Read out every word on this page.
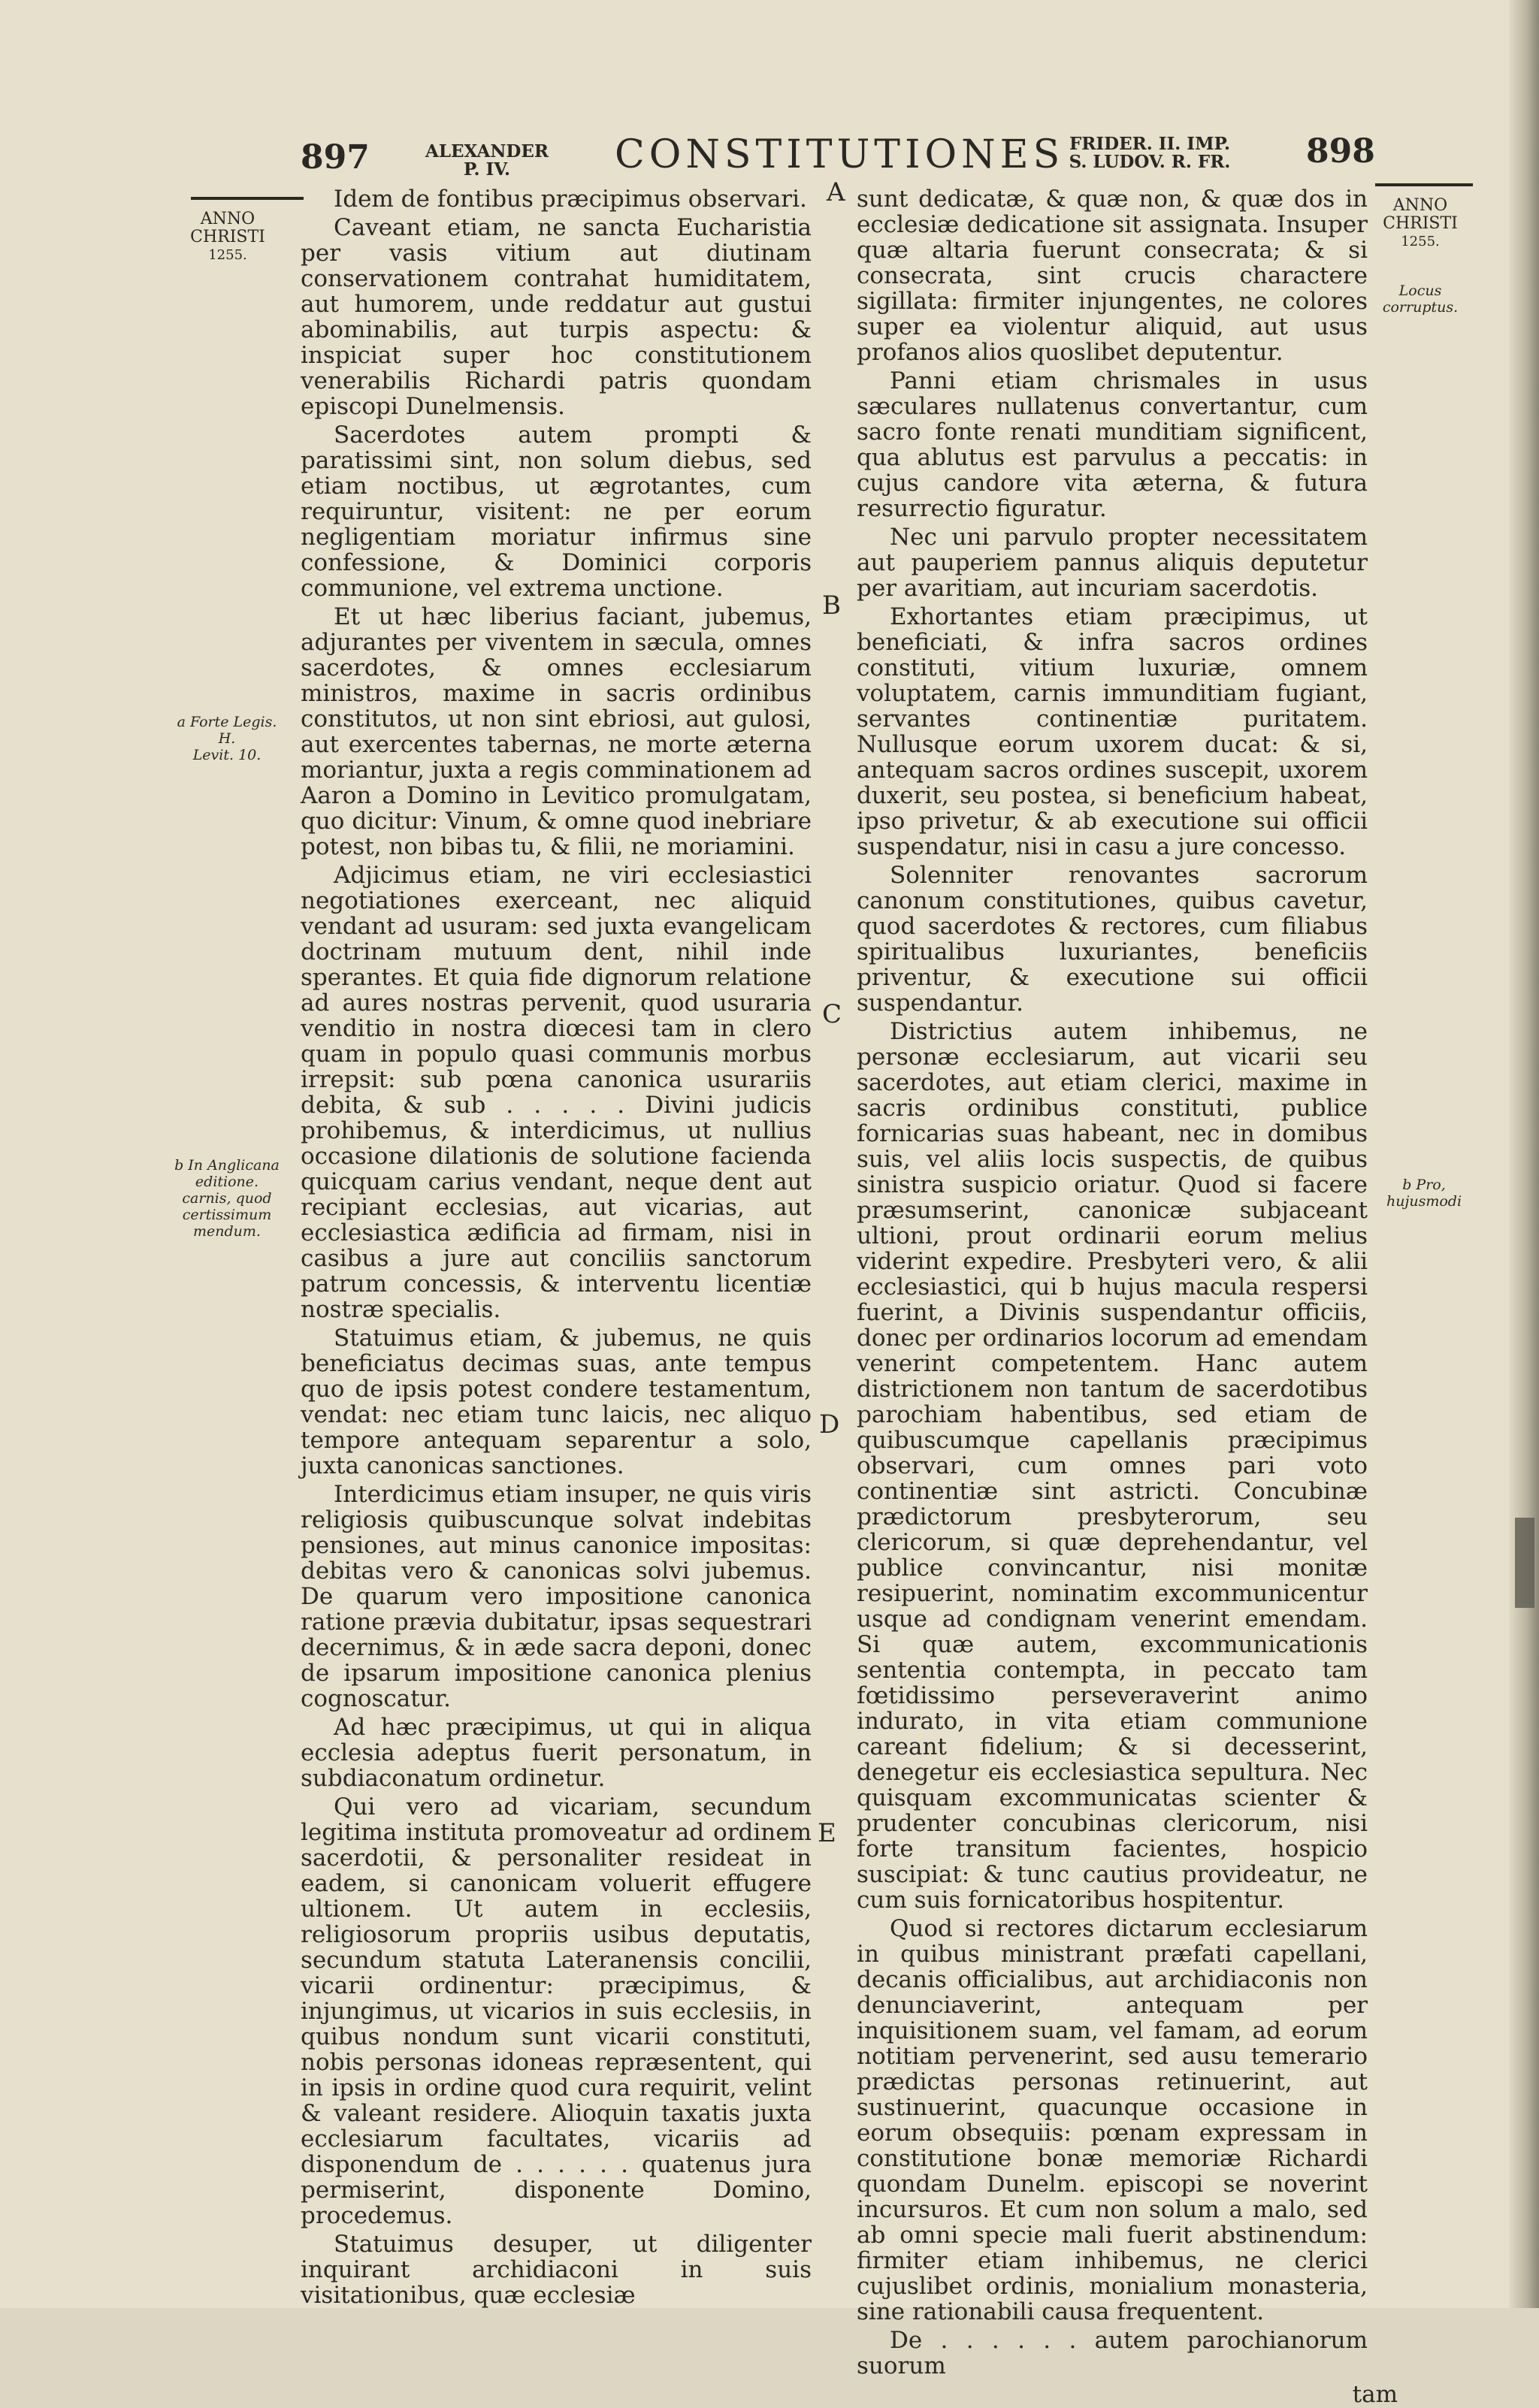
897	ALEXANDER
P. IV.	CONSTITUTIONES FRIDER. II. IMP.
S. LUDOV. R. FR.	898
ANNO
CHRISTI
1255.
a Forte Legis. H.
Levit. 10.
b In Anglicana editione. carnis, quod certissimum mendum.
ANNO
CHRISTI
1255.
Locus corruptus.
b Pro, hujusmodi
A
B
C
D
E

Idem de fontibus præcipimus observari.

Caveant etiam, ne sancta Eucharistia per vasis vitium aut diutinam conservationem contrahat humiditatem, aut humorem, unde reddatur aut gustui abominabilis, aut turpis aspectu: & inspiciat super hoc constitutionem venerabilis Richardi patris quondam episcopi Dunelmensis.

Sacerdotes autem prompti & paratissimi sint, non solum diebus, sed etiam noctibus, ut ægrotantes, cum requiruntur, visitent: ne per eorum negligentiam moriatur infirmus sine confessione, & Dominici corporis communione, vel extrema unctione.

Et ut hæc liberius faciant, jubemus, adjurantes per viventem in sæcula, omnes sacerdotes, & omnes ecclesiarum ministros, maxime in sacris ordinibus constitutos, ut non sint ebriosi, aut gulosi, aut exercentes tabernas, ne morte æterna moriantur, juxta a regis comminationem ad Aaron a Domino in Levitico promulgatam, quo dicitur: Vinum, & omne quod inebriare potest, non bibas tu, & filii, ne moriamini.

Adjicimus etiam, ne viri ecclesiastici negotiationes exerceant, nec aliquid vendant ad usuram: sed juxta evangelicam doctrinam mutuum dent, nihil inde sperantes. Et quia fide dignorum relatione ad aures nostras pervenit, quod usuraria venditio in nostra diœcesi tam in clero quam in populo quasi communis morbus irrepsit: sub pœna canonica usurariis debita, & sub . . . . . Divini judicis prohibemus, & interdicimus, ut nullius occasione dilationis de solutione facienda quicquam carius vendant, neque dent aut recipiant ecclesias, aut vicarias, aut ecclesiastica ædificia ad firmam, nisi in casibus a jure aut conciliis sanctorum patrum concessis, & interventu licentiæ nostræ specialis.

Statuimus etiam, & jubemus, ne quis beneficiatus decimas suas, ante tempus quo de ipsis potest condere testamentum, vendat: nec etiam tunc laicis, nec aliquo tempore antequam separentur a solo, juxta canonicas sanctiones.

Interdicimus etiam insuper, ne quis viris religiosis quibuscunque solvat indebitas pensiones, aut minus canonice impositas: debitas vero & canonicas solvi jubemus. De quarum vero impositione canonica ratione prævia dubitatur, ipsas sequestrari decernimus, & in æde sacra deponi, donec de ipsarum impositione canonica plenius cognoscatur.

Ad hæc præcipimus, ut qui in aliqua ecclesia adeptus fuerit personatum, in subdiaconatum ordinetur.

Qui vero ad vicariam, secundum legitima instituta promoveatur ad ordinem sacerdotii, & personaliter resideat in eadem, si canonicam voluerit effugere ultionem. Ut autem in ecclesiis, religiosorum propriis usibus deputatis, secundum statuta Lateranensis concilii, vicarii ordinentur: præcipimus, & injungimus, ut vicarios in suis ecclesiis, in quibus nondum sunt vicarii constituti, nobis personas idoneas repræsentent, qui in ipsis in ordine quod cura requirit, velint & valeant residere. Alioquin taxatis juxta ecclesiarum facultates, vicariis ad disponendum de . . . . . . quatenus jura permiserint, disponente Domino, procedemus.

Statuimus desuper, ut diligenter inquirant archidiaconi in suis visitationibus, quæ ecclesiæ

sunt dedicatæ, & quæ non, & quæ dos in ecclesiæ dedicatione sit assignata. Insuper quæ altaria fuerunt consecrata; & si consecrata, sint crucis charactere sigillata: firmiter injungentes, ne colores super ea violentur aliquid, aut usus profanos alios quoslibet deputentur.

Panni etiam chrismales in usus sæculares nullatenus convertantur, cum sacro fonte renati munditiam significent, qua ablutus est parvulus a peccatis: in cujus candore vita æterna, & futura resurrectio figuratur.

Nec uni parvulo propter necessitatem aut pauperiem pannus aliquis deputetur per avaritiam, aut incuriam sacerdotis.

Exhortantes etiam præcipimus, ut beneficiati, & infra sacros ordines constituti, vitium luxuriæ, omnem voluptatem, carnis immunditiam fugiant, servantes continentiæ puritatem. Nullusque eorum uxorem ducat: & si, antequam sacros ordines suscepit, uxorem duxerit, seu postea, si beneficium habeat, ipso privetur, & ab executione sui officii suspendatur, nisi in casu a jure concesso.

Solenniter renovantes sacrorum canonum constitutiones, quibus cavetur, quod sacerdotes & rectores, cum filiabus spiritualibus luxuriantes, beneficiis priventur, & executione sui officii suspendantur.

Districtius autem inhibemus, ne personæ ecclesiarum, aut vicarii seu sacerdotes, aut etiam clerici, maxime in sacris ordinibus constituti, publice fornicarias suas habeant, nec in domibus suis, vel aliis locis suspectis, de quibus sinistra suspicio oriatur. Quod si facere præsumserint, canonicæ subjaceant ultioni, prout ordinarii eorum melius viderint expedire. Presbyteri vero, & alii ecclesiastici, qui b hujus macula respersi fuerint, a Divinis suspendantur officiis, donec per ordinarios locorum ad emendam venerint competentem. Hanc autem districtionem non tantum de sacerdotibus parochiam habentibus, sed etiam de quibuscumque capellanis præcipimus observari, cum omnes pari voto continentiæ sint astricti. Concubinæ prædictorum presbyterorum, seu clericorum, si quæ deprehendantur, vel publice convincantur, nisi monitæ resipuerint, nominatim excommunicentur usque ad condignam venerint emendam. Si quæ autem, excommunicationis sententia contempta, in peccato tam fœtidissimo perseveraverint animo indurato, in vita etiam communione careant fidelium; & si decesserint, denegetur eis ecclesiastica sepultura. Nec quisquam excommunicatas scienter & prudenter concubinas clericorum, nisi forte transitum facientes, hospicio suscipiat: & tunc cautius provideatur, ne cum suis fornicatoribus hospitentur.

Quod si rectores dictarum ecclesiarum in quibus ministrant præfati capellani, decanis officialibus, aut archidiaconis non denunciaverint, antequam per inquisitionem suam, vel famam, ad eorum notitiam pervenerint, sed ausu temerario prædictas personas retinuerint, aut sustinuerint, quacunque occasione in eorum obsequiis: pœnam expressam in constitutione bonæ memoriæ Richardi quondam Dunelm. episcopi se noverint incursuros. Et cum non solum a malo, sed ab omni specie mali fuerit abstinendum: firmiter etiam inhibemus, ne clerici cujuslibet ordinis, monialium monasteria, sine rationabili causa frequentent.

De . . . . . . autem parochianorum suorum

tam
